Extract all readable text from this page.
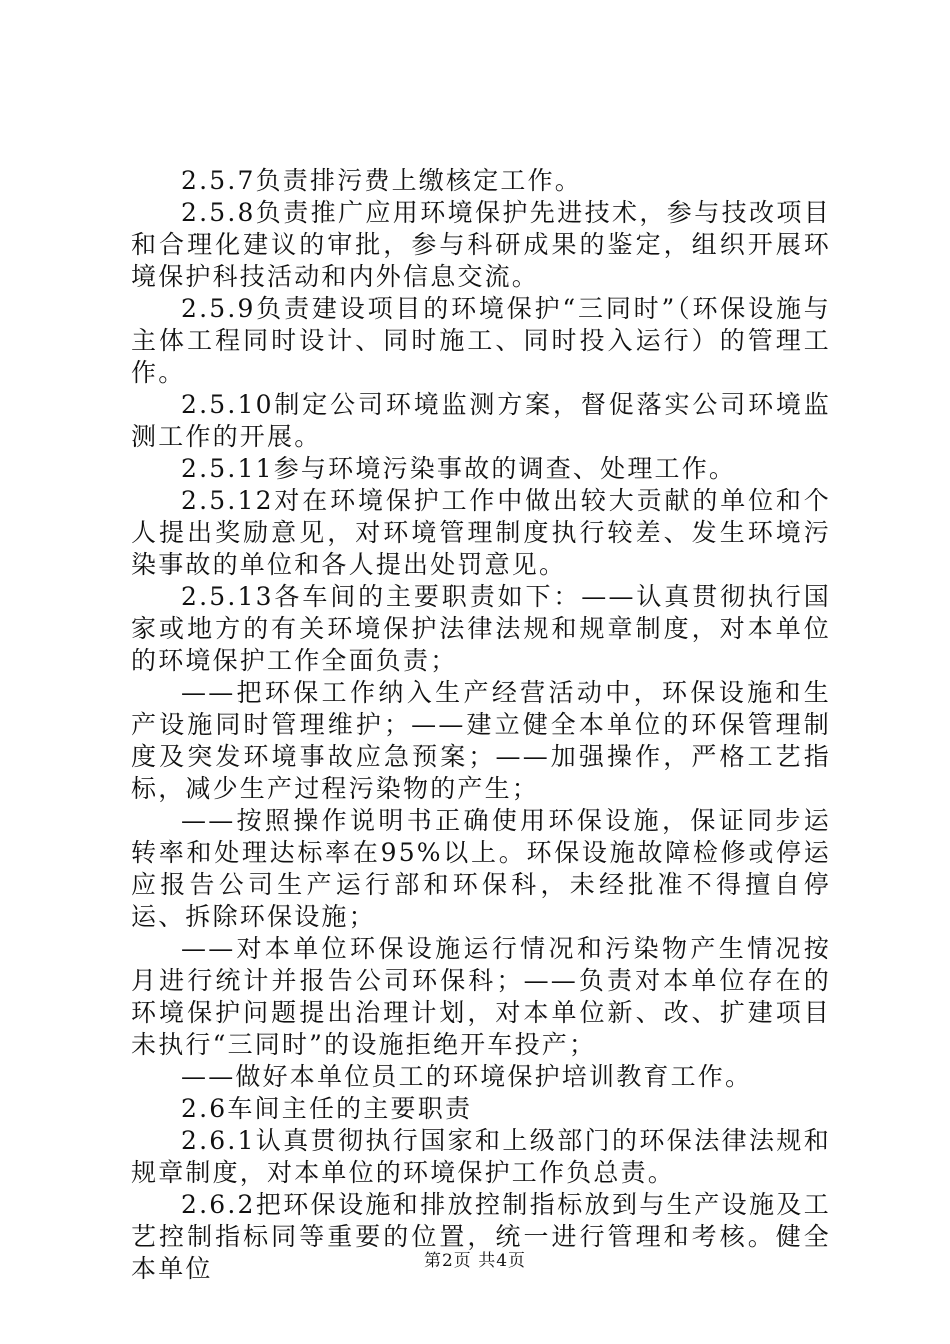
2.5.7负责排污费上缴核定工作。

2.5.8负责推广应用环境保护先进技术，参与技改项目和合理化建议的审批，参与科研成果的鉴定，组织开展环境保护科技活动和内外信息交流。

2.5.9负责建设项目的环境保护“三同时”（环保设施与主体工程同时设计、同时施工、同时投入运行）的管理工作。

2.5.10制定公司环境监测方案，督促落实公司环境监测工作的开展。

2.5.11参与环境污染事故的调查、处理工作。

2.5.12对在环境保护工作中做出较大贡献的单位和个人提出奖励意见，对环境管理制度执行较差、发生环境污染事故的单位和各人提出处罚意见。

2.5.13各车间的主要职责如下：——认真贯彻执行国家或地方的有关环境保护法律法规和规章制度，对本单位的环境保护工作全面负责；

——把环保工作纳入生产经营活动中，环保设施和生产设施同时管理维护；——建立健全本单位的环保管理制度及突发环境事故应急预案；——加强操作，严格工艺指标，减少生产过程污染物的产生；

——按照操作说明书正确使用环保设施，保证同步运转率和处理达标率在95%以上。环保设施故障检修或停运应报告公司生产运行部和环保科，未经批准不得擅自停运、拆除环保设施；

——对本单位环保设施运行情况和污染物产生情况按月进行统计并报告公司环保科；——负责对本单位存在的环境保护问题提出治理计划，对本单位新、改、扩建项目未执行“三同时”的设施拒绝开车投产；

——做好本单位员工的环境保护培训教育工作。

2.6车间主任的主要职责

2.6.1认真贯彻执行国家和上级部门的环保法律法规和规章制度，对本单位的环境保护工作负总责。

2.6.2把环保设施和排放控制指标放到与生产设施及工艺控制指标同等重要的位置，统一进行管理和考核。健全本单位	第2页 共4页
